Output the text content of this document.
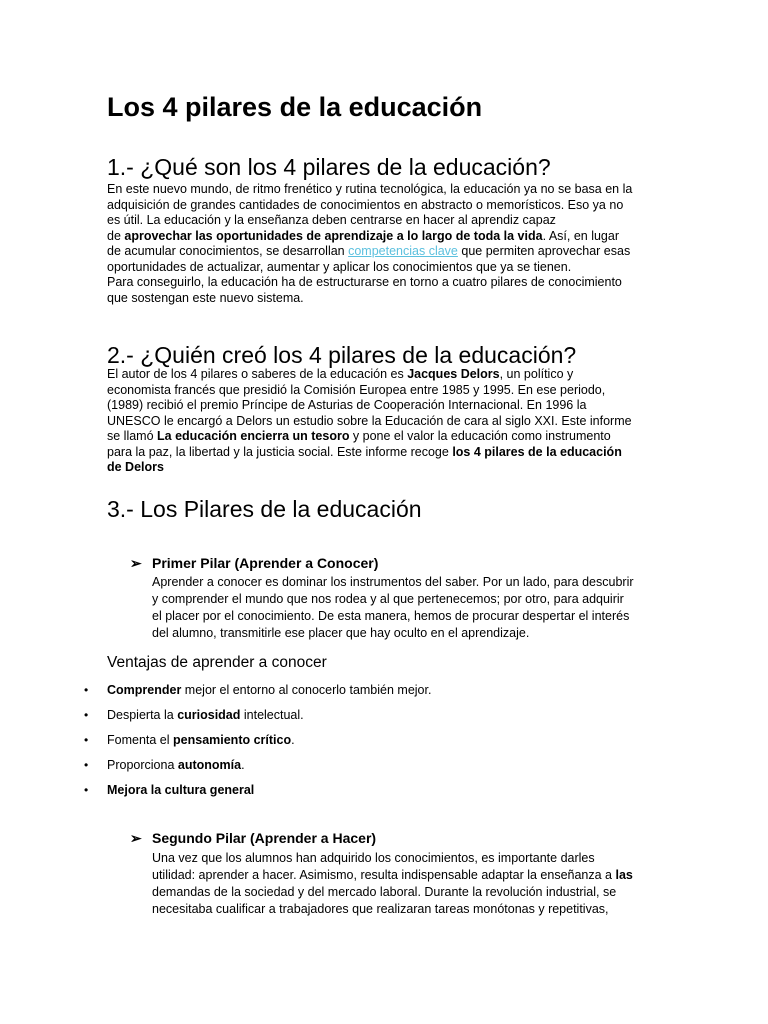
Los 4 pilares de la educación
1.- ¿Qué son los 4 pilares de la educación?
En este nuevo mundo, de ritmo frenético y rutina tecnológica, la educación ya no se basa en la
adquisición de grandes cantidades de conocimientos en abstracto o memorísticos. Eso ya no
es útil. La educación y la enseñanza deben centrarse en hacer al aprendiz capaz
de aprovechar las oportunidades de aprendizaje a lo largo de toda la vida. Así, en lugar
de acumular conocimientos, se desarrollan competencias clave que permiten aprovechar esas
oportunidades de actualizar, aumentar y aplicar los conocimientos que ya se tienen.
Para conseguirlo, la educación ha de estructurarse en torno a cuatro pilares de conocimiento
que sostengan este nuevo sistema.
2.- ¿Quién creó los 4 pilares de la educación?
El autor de los 4 pilares o saberes de la educación es Jacques Delors, un político y
economista francés que presidió la Comisión Europea entre 1985 y 1995. En ese periodo,
(1989) recibió el premio Príncipe de Asturias de Cooperación Internacional. En 1996 la
UNESCO le encargó a Delors un estudio sobre la Educación de cara al siglo XXI. Este informe
se llamó La educación encierra un tesoro y pone el valor la educación como instrumento
para la paz, la libertad y la justicia social. Este informe recoge los 4 pilares de la educación
de Delors
3.- Los Pilares de la educación
➢ Primer Pilar (Aprender a Conocer)
Aprender a conocer es dominar los instrumentos del saber. Por un lado, para descubrir
y comprender el mundo que nos rodea y al que pertenecemos; por otro, para adquirir
el placer por el conocimiento. De esta manera, hemos de procurar despertar el interés
del alumno, transmitirle ese placer que hay oculto en el aprendizaje.
Ventajas de aprender a conocer
• Comprender mejor el entorno al conocerlo también mejor.
• Despierta la curiosidad intelectual.
• Fomenta el pensamiento crítico.
• Proporciona autonomía.
• Mejora la cultura general
➢ Segundo Pilar (Aprender a Hacer)
Una vez que los alumnos han adquirido los conocimientos, es importante darles
utilidad: aprender a hacer. Asimismo, resulta indispensable adaptar la enseñanza a las
demandas de la sociedad y del mercado laboral. Durante la revolución industrial, se
necesitaba cualificar a trabajadores que realizaran tareas monótonas y repetitivas,
